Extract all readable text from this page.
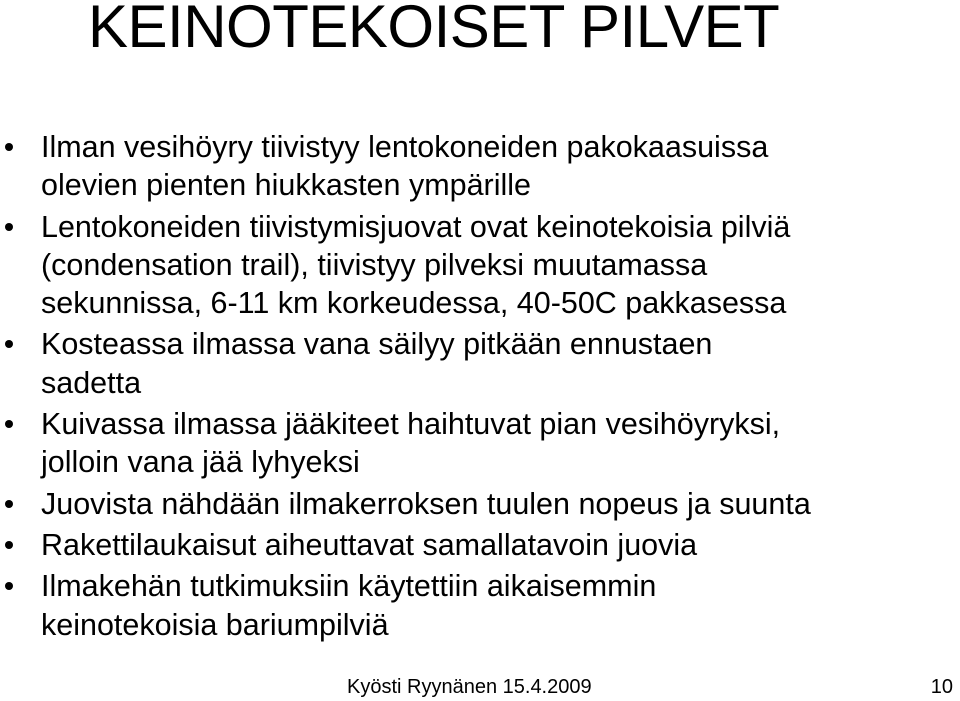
KEINOTEKOISET PILVET
Ilman vesihöyry tiivistyy lentokoneiden pakokaasuissa
olevien pienten hiukkasten ympärille
Lentokoneiden tiivistymisjuovat ovat keinotekoisia pilviä
(condensation trail), tiivistyy pilveksi muutamassa
sekunnissa, 6-11 km korkeudessa, 40-50C pakkasessa
Kosteassa ilmassa vana säilyy pitkään ennustaen
sadetta
Kuivassa ilmassa jääkiteet haihtuvat pian vesihöyryksi,
jolloin vana jää lyhyeksi
Juovista nähdään ilmakerroksen tuulen nopeus ja suunta
Rakettilaukaisut aiheuttavat samallatavoin juovia
Ilmakehän tutkimuksiin käytettiin aikaisemmin
keinotekoisia bariumpilviä
Kyösti Ryynänen 15.4.2009	10
